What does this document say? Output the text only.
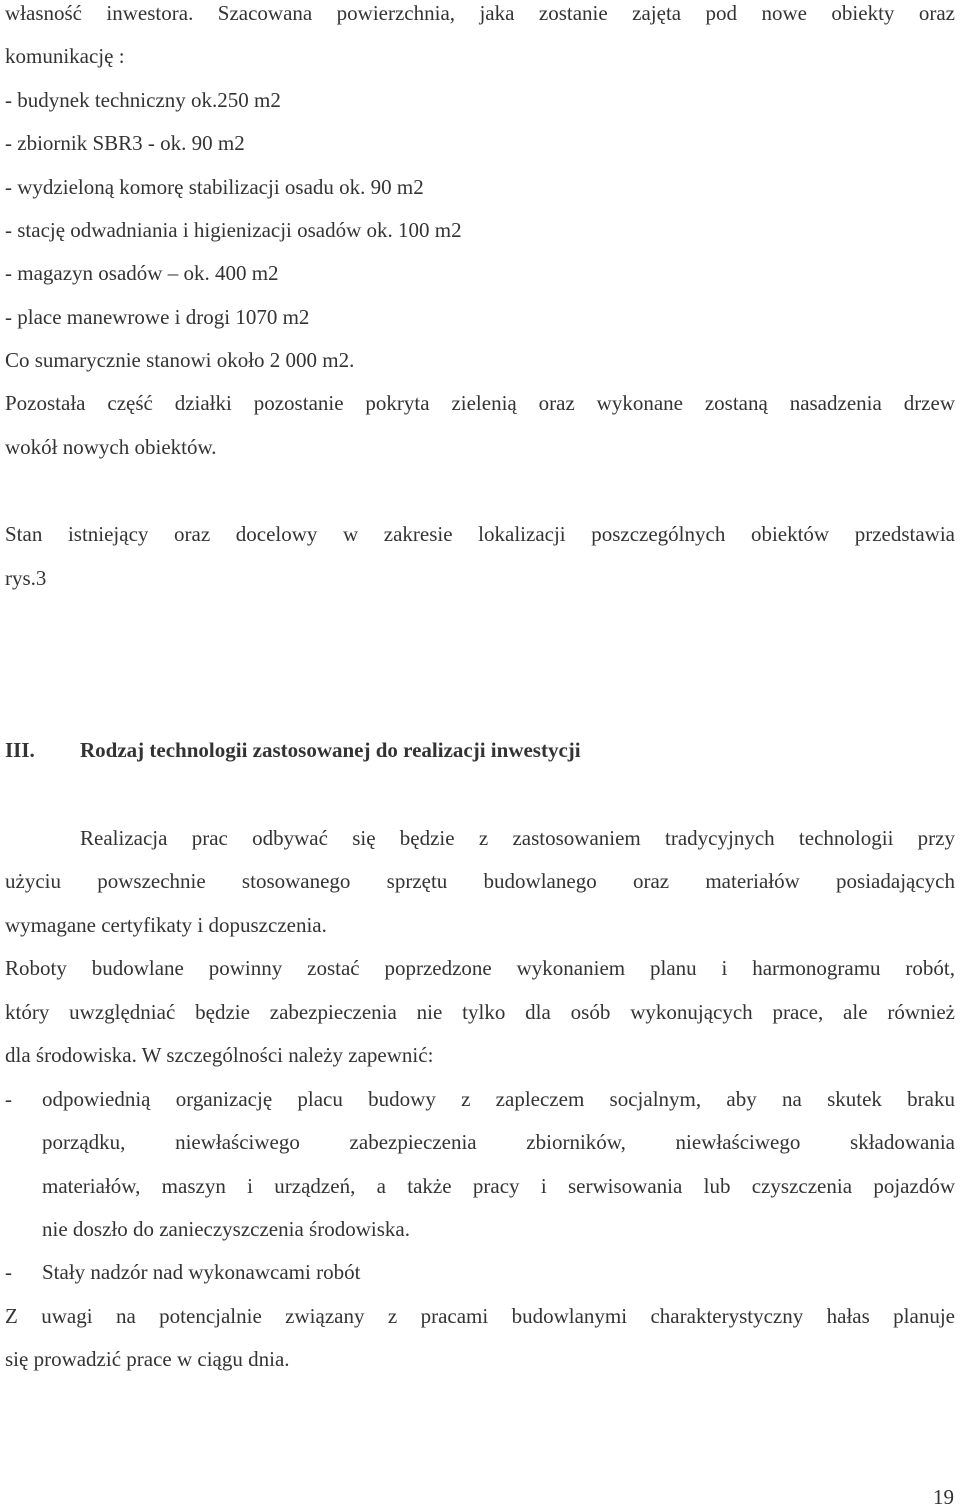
własność inwestora. Szacowana powierzchnia, jaka zostanie zajęta pod nowe obiekty oraz
komunikację :
- budynek techniczny ok.250 m2
- zbiornik SBR3 - ok. 90 m2
- wydzieloną komorę stabilizacji osadu ok. 90 m2
- stację odwadniania i higienizacji osadów ok. 100 m2
- magazyn osadów – ok. 400 m2
- place manewrowe i drogi 1070 m2
Co sumarycznie stanowi około 2 000 m2.
Pozostała część działki pozostanie pokryta zielenią oraz wykonane zostaną nasadzenia drzew
wokół nowych obiektów.
Stan istniejący oraz docelowy w zakresie lokalizacji poszczególnych obiektów przedstawia
rys.3
III. Rodzaj technologii zastosowanej do realizacji inwestycji
Realizacja prac odbywać się będzie z zastosowaniem tradycyjnych technologii przy
użyciu powszechnie stosowanego sprzętu budowlanego oraz materiałów posiadających
wymagane certyfikaty i dopuszczenia.
Roboty budowlane powinny zostać poprzedzone wykonaniem planu i harmonogramu robót,
który uwzględniać będzie zabezpieczenia nie tylko dla osób wykonujących prace, ale również
dla środowiska. W szczególności należy zapewnić:
- odpowiednią organizację placu budowy z zapleczem socjalnym, aby na skutek braku
porządku, niewłaściwego zabezpieczenia zbiorników, niewłaściwego składowania
materiałów, maszyn i urządzeń, a także pracy i serwisowania lub czyszczenia pojazdów
nie doszło do zanieczyszczenia środowiska.
- Stały nadzór nad wykonawcami robót
Z uwagi na potencjalnie związany z pracami budowlanymi charakterystyczny hałas planuje
się prowadzić prace w ciągu dnia.
19
